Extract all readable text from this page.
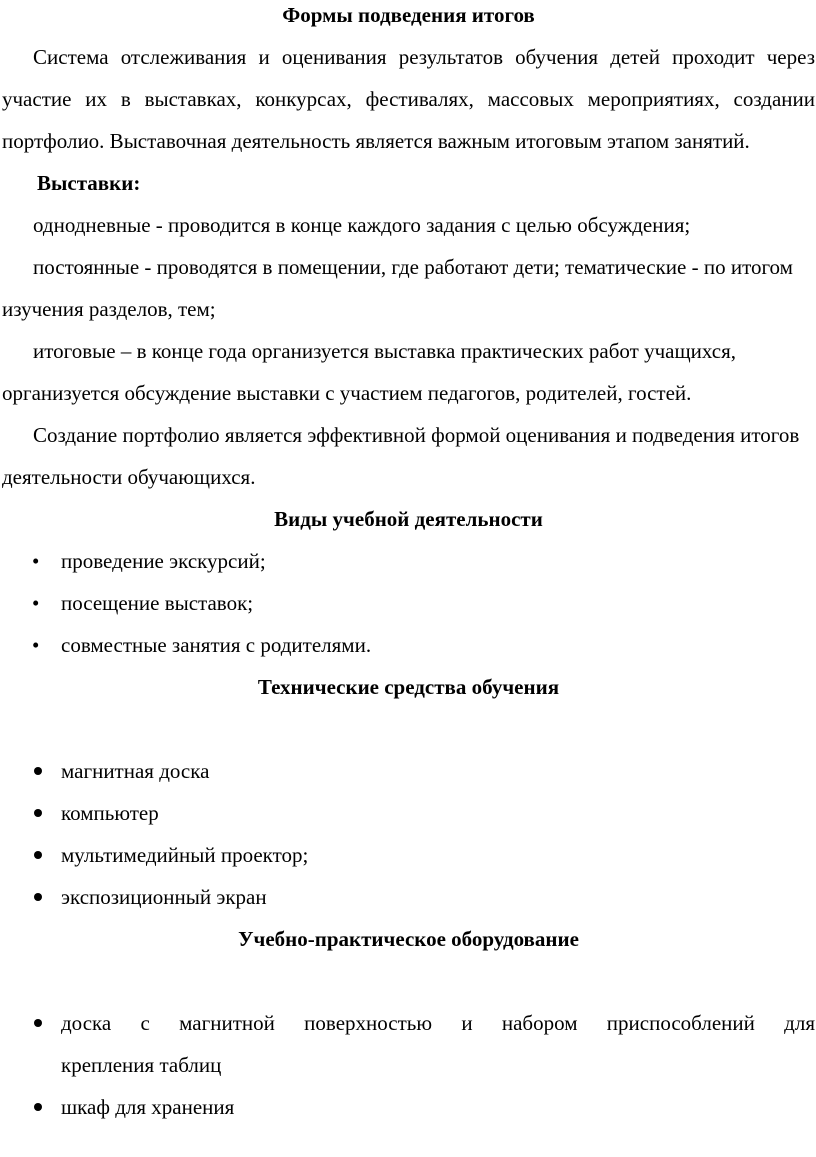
Формы подведения итогов

Система отслеживания и оценивания результатов обучения детей проходит через участие их в выставках, конкурсах, фестивалях, массовых мероприятиях, создании портфолио. Выставочная деятельность является важным итоговым этапом занятий.

Выставки:

однодневные - проводится в конце каждого задания с целью обсуждения;

постоянные - проводятся в помещении, где работают дети; тематические - по итогом изучения разделов, тем;

итоговые – в конце года организуется выставка практических работ учащихся, организуется обсуждение выставки с участием педагогов, родителей, гостей.

Создание портфолио является эффективной формой оценивания и подведения итогов деятельности обучающихся.

Виды учебной деятельности
• проведение экскурсий;
• посещение выставок;
• совместные занятия с родителями.
Технические средства обучения
магнитная доска
компьютер
мультимедийный проектор;
экспозиционный экран
Учебно-практическое оборудование
доска с магнитной поверхностью и набором приспособлений для
крепления таблиц
шкаф для хранения
